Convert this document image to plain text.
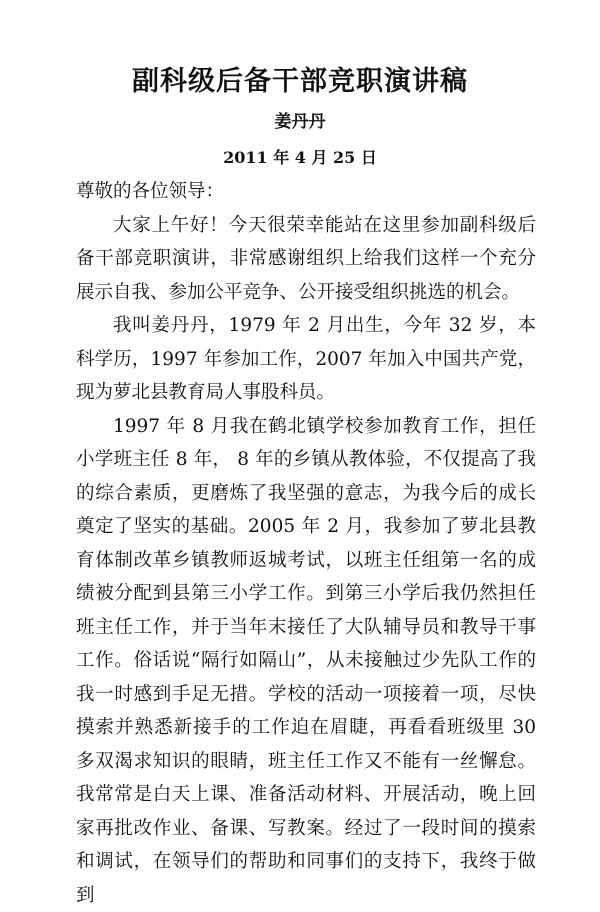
副科级后备干部竞职演讲稿
姜丹丹
2011 年 4 月 25 日

尊敬的各位领导：

大家上午好！今天很荣幸能站在这里参加副科级后备干部竞职演讲，非常感谢组织上给我们这样一个充分展示自我、参加公平竞争、公开接受组织挑选的机会。

我叫姜丹丹，1979 年 2 月出生，今年 32 岁，本科学历，1997 年参加工作，2007 年加入中国共产党，现为萝北县教育局人事股科员。

1997 年 8 月我在鹤北镇学校参加教育工作，担任小学班主任 8 年， 8 年的乡镇从教体验，不仅提高了我的综合素质，更磨炼了我坚强的意志，为我今后的成长奠定了坚实的基础。2005 年 2 月，我参加了萝北县教育体制改革乡镇教师返城考试，以班主任组第一名的成绩被分配到县第三小学工作。到第三小学后我仍然担任班主任工作，并于当年末接任了大队辅导员和教导干事工作。俗话说“隔行如隔山”，从未接触过少先队工作的我一时感到手足无措。学校的活动一项接着一项，尽快摸索并熟悉新接手的工作迫在眉睫，再看看班级里 30 多双渴求知识的眼睛，班主任工作又不能有一丝懈怠。我常常是白天上课、准备活动材料、开展活动，晚上回家再批改作业、备课、写教案。经过了一段时间的摸索和调试，在领导们的帮助和同事们的支持下，我终于做到
